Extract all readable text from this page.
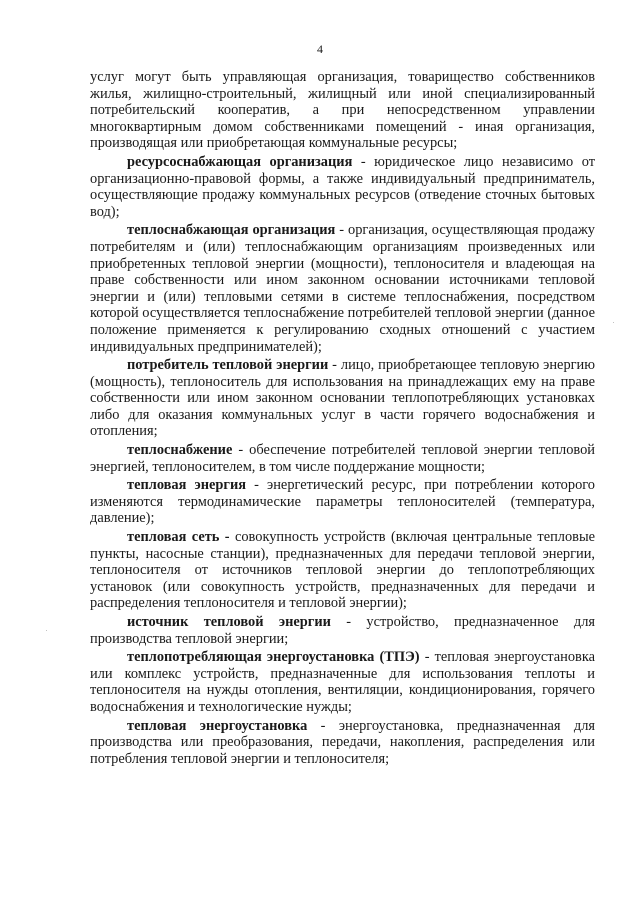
4

услуг могут быть управляющая организация, товарищество собственников жилья, жилищно-строительный, жилищный или иной специализированный потребительский кооператив, а при непосредственном управлении многоквартирным домом собственниками помещений - иная организация, производящая или приобретающая коммунальные ресурсы;

ресурсоснабжающая организация - юридическое лицо независимо от организационно-правовой формы, а также индивидуальный предприниматель, осуществляющие продажу коммунальных ресурсов (отведение сточных бытовых вод);

теплоснабжающая организация - организация, осуществляющая продажу потребителям и (или) теплоснабжающим организациям произведенных или приобретенных тепловой энергии (мощности), теплоносителя и владеющая на праве собственности или ином законном основании источниками тепловой энергии и (или) тепловыми сетями в системе теплоснабжения, посредством которой осуществляется теплоснабжение потребителей тепловой энергии (данное положение применяется к регулированию сходных отношений с участием индивидуальных предпринимателей);

потребитель тепловой энергии - лицо, приобретающее тепловую энергию (мощность), теплоноситель для использования на принадлежащих ему на праве собственности или ином законном основании теплопотребляющих установках либо для оказания коммунальных услуг в части горячего водоснабжения и отопления;

теплоснабжение - обеспечение потребителей тепловой энергии тепловой энергией, теплоносителем, в том числе поддержание мощности;

тепловая энергия - энергетический ресурс, при потреблении которого изменяются термодинамические параметры теплоносителей (температура, давление);

тепловая сеть - совокупность устройств (включая центральные тепловые пункты, насосные станции), предназначенных для передачи тепловой энергии, теплоносителя от источников тепловой энергии до теплопотребляющих установок (или совокупность устройств, предназначенных для передачи и распределения теплоносителя и тепловой энергии);

источник тепловой энергии - устройство, предназначенное для производства тепловой энергии;

теплопотребляющая энергоустановка (ТПЭ) - тепловая энергоустановка или комплекс устройств, предназначенные для использования теплоты и теплоносителя на нужды отопления, вентиляции, кондиционирования, горячего водоснабжения и технологические нужды;

тепловая энергоустановка - энергоустановка, предназначенная для производства или преобразования, передачи, накопления, распределения или потребления тепловой энергии и теплоносителя;
